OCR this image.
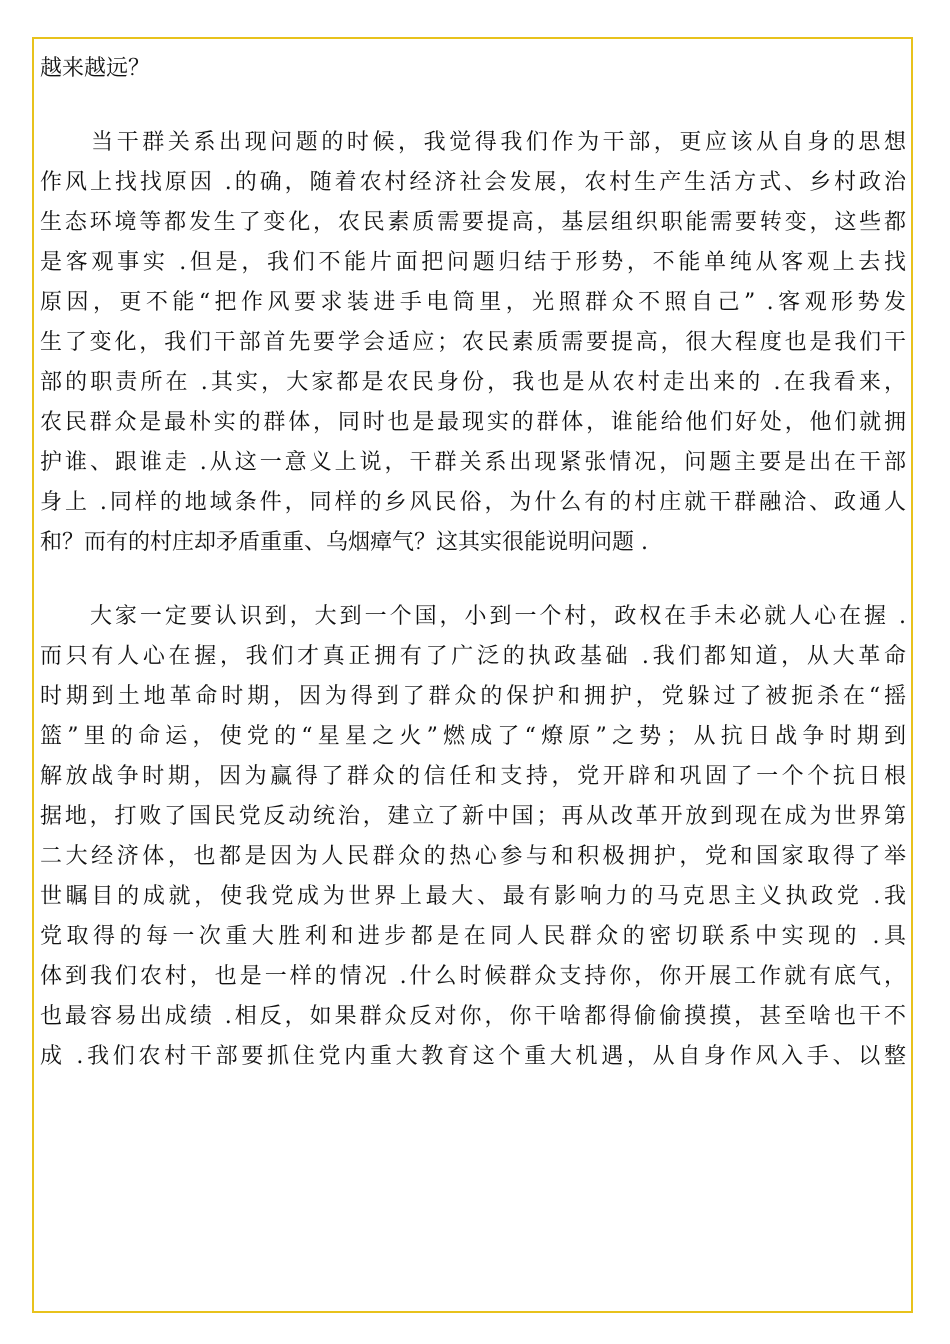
越来越远？
　　当干群关系出现问题的时候，我觉得我们作为干部，更应该从自身的思想
作风上找找原因 .的确，随着农村经济社会发展，农村生产生活方式、乡村政治
生态环境等都发生了变化，农民素质需要提高，基层组织职能需要转变，这些都
是客观事实 .但是，我们不能片面把问题归结于形势，不能单纯从客观上去找
原因，更不能“把作风要求装进手电筒里，光照群众不照自己” .客观形势发
生了变化，我们干部首先要学会适应；农民素质需要提高，很大程度也是我们干
部的职责所在 .其实，大家都是农民身份，我也是从农村走出来的 .在我看来，
农民群众是最朴实的群体，同时也是最现实的群体，谁能给他们好处，他们就拥
护谁、跟谁走 .从这一意义上说，干群关系出现紧张情况，问题主要是出在干部
身上 .同样的地域条件，同样的乡风民俗，为什么有的村庄就干群融洽、政通人
和？而有的村庄却矛盾重重、乌烟瘴气？这其实很能说明问题 .
　　大家一定要认识到，大到一个国，小到一个村，政权在手未必就人心在握 .
而只有人心在握，我们才真正拥有了广泛的执政基础 .我们都知道，从大革命
时期到土地革命时期，因为得到了群众的保护和拥护，党躲过了被扼杀在“摇
篮”里的命运，使党的“星星之火”燃成了“燎原”之势；从抗日战争时期到
解放战争时期，因为赢得了群众的信任和支持，党开辟和巩固了一个个抗日根
据地，打败了国民党反动统治，建立了新中国；再从改革开放到现在成为世界第
二大经济体，也都是因为人民群众的热心参与和积极拥护，党和国家取得了举
世瞩目的成就，使我党成为世界上最大、最有影响力的马克思主义执政党 .我
党取得的每一次重大胜利和进步都是在同人民群众的密切联系中实现的 .具
体到我们农村，也是一样的情况 .什么时候群众支持你，你开展工作就有底气，
也最容易出成绩 .相反，如果群众反对你，你干啥都得偷偷摸摸，甚至啥也干不
成 .我们农村干部要抓住党内重大教育这个重大机遇，从自身作风入手、以整
